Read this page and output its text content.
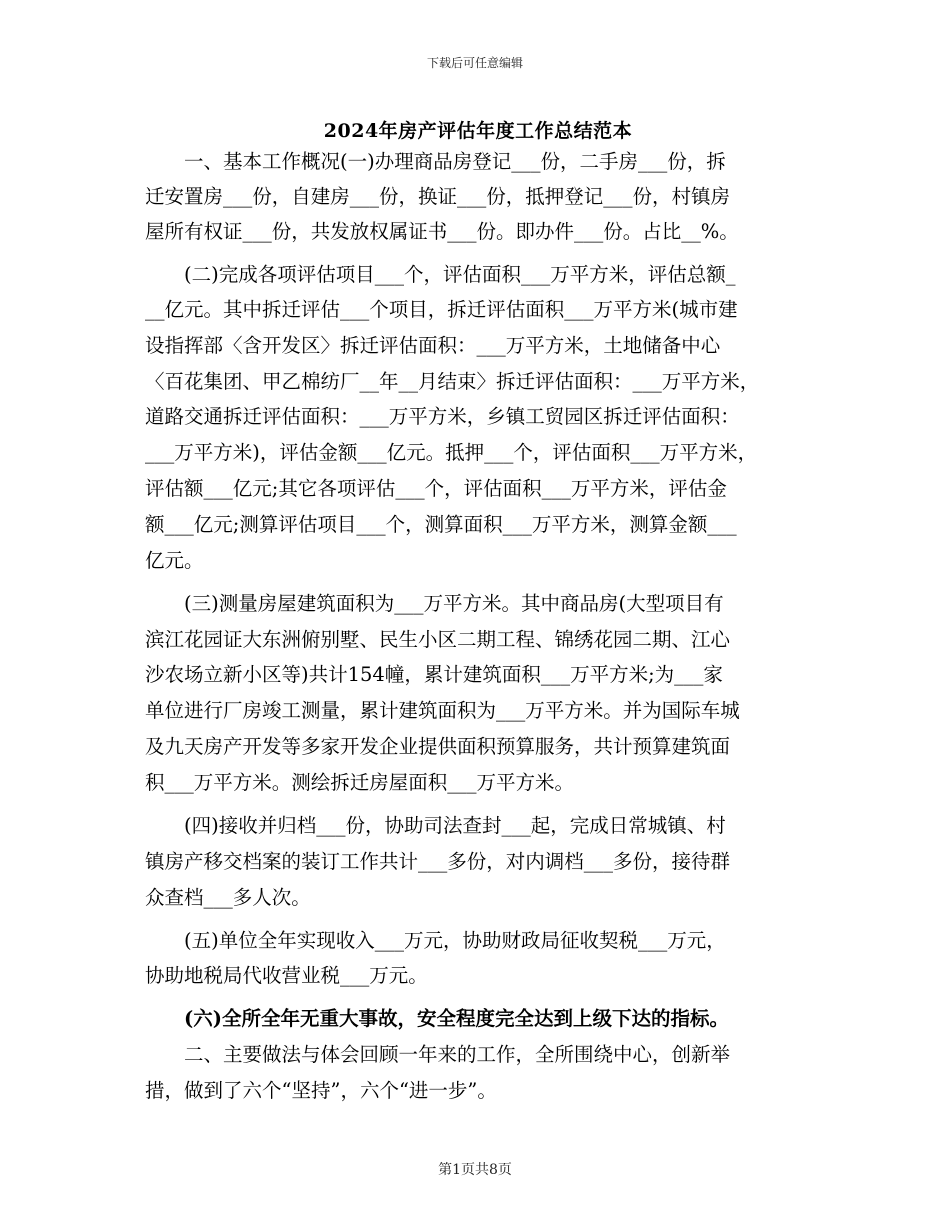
下载后可任意编辑
2024年房产评估年度工作总结范本
　　一、基本工作概况(一)办理商品房登记___份，二手房___份，拆
迁安置房___份，自建房___份，换证___份，抵押登记___份，村镇房
屋所有权证___份，共发放权属证书___份。即办件___份。占比__%。
　　(二)完成各项评估项目___个，评估面积___万平方米，评估总额_
__亿元。其中拆迁评估___个项目，拆迁评估面积___万平方米(城市建
设指挥部〈含开发区〉拆迁评估面积：___万平方米，土地储备中心
〈百花集团、甲乙棉纺厂__年__月结束〉拆迁评估面积：___万平方米，
道路交通拆迁评估面积：___万平方米，乡镇工贸园区拆迁评估面积：
___万平方米)，评估金额___亿元。抵押___个，评估面积___万平方米，
评估额___亿元;其它各项评估___个，评估面积___万平方米，评估金
额___亿元;测算评估项目___个，测算面积___万平方米，测算金额___
亿元。
　　(三)测量房屋建筑面积为___万平方米。其中商品房(大型项目有
滨江花园证大东洲俯别墅、民生小区二期工程、锦绣花园二期、江心
沙农场立新小区等)共计154幢，累计建筑面积___万平方米;为___家
单位进行厂房竣工测量，累计建筑面积为___万平方米。并为国际车城
及九天房产开发等多家开发企业提供面积预算服务，共计预算建筑面
积___万平方米。测绘拆迁房屋面积___万平方米。
　　(四)接收并归档___份，协助司法查封___起，完成日常城镇、村
镇房产移交档案的装订工作共计___多份，对内调档___多份，接待群
众查档___多人次。
　　(五)单位全年实现收入___万元，协助财政局征收契税___万元，
协助地税局代收营业税___万元。
　　(六)全所全年无重大事故，安全程度完全达到上级下达的指标。
　　二、主要做法与体会回顾一年来的工作，全所围绕中心，创新举
措，做到了六个“坚持”，六个“进一步”。
第1页共8页
